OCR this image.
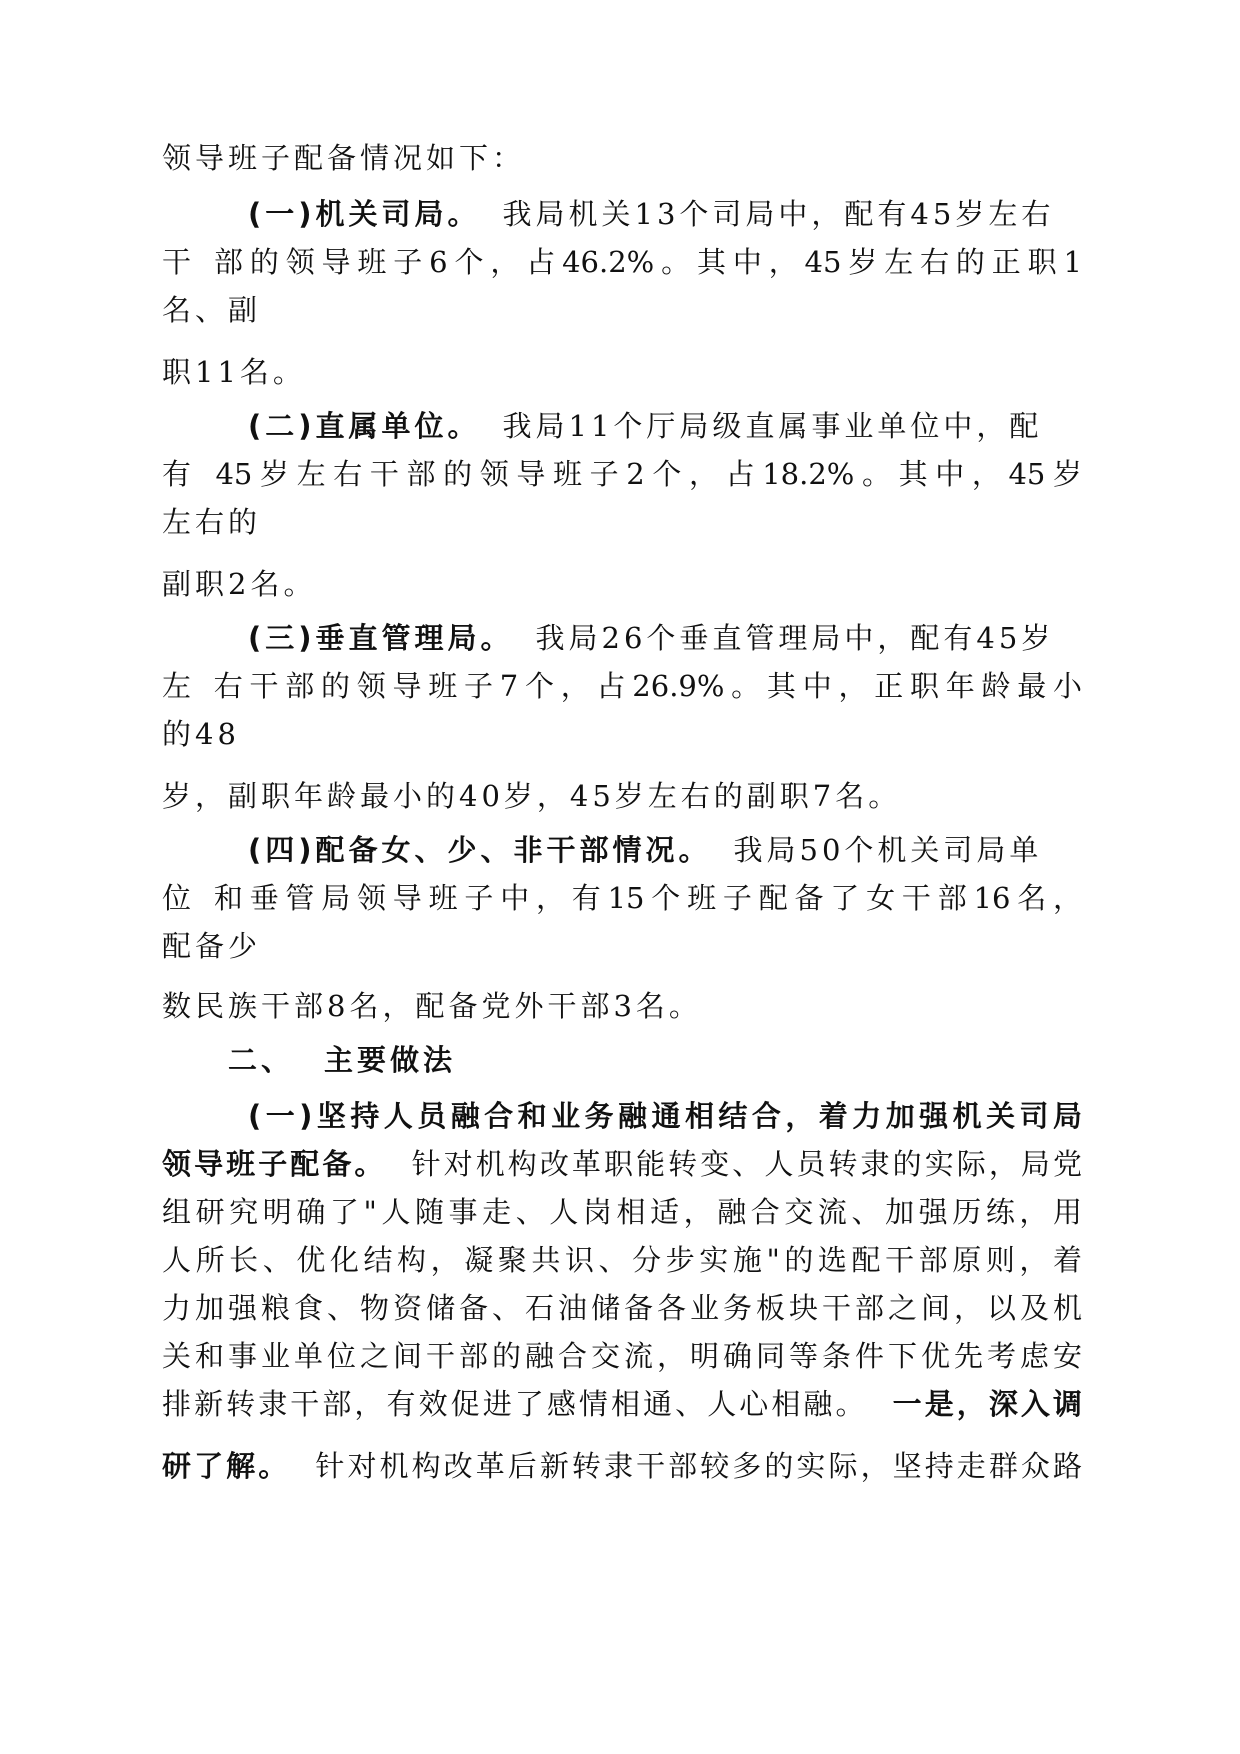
领导班子配备情况如下：
(一)机关司局。 我局机关13个司局中，配有45岁左右
干 部的领导班子6个，占46.2%。其中，45岁左右的正职1
名、副
职11名。
(二)直属单位。 我局11个厅局级直属事业单位中，配
有 45岁左右干部的领导班子2个，占18.2%。其中，45岁
左右的
副职2名。
(三)垂直管理局。 我局26个垂直管理局中，配有45岁
左 右干部的领导班子7个，占26.9%。其中，正职年龄最小
的48
岁，副职年龄最小的40岁，45岁左右的副职7名。
(四)配备女、少、非干部情况。 我局50个机关司局单
位 和垂管局领导班子中，有15个班子配备了女干部16名，
配备少
数民族干部8名，配备党外干部3名。
二、 主要做法
(一)坚持人员融合和业务融通相结合，着力加强机关司局
领导班子配备。 针对机构改革职能转变、人员转隶的实际，局党
组研究明确了"人随事走、人岗相适，融合交流、加强历练，用
人所长、优化结构，凝聚共识、分步实施"的选配干部原则，着
力加强粮食、物资储备、石油储备各业务板块干部之间，以及机
关和事业单位之间干部的融合交流，明确同等条件下优先考虑安
排新转隶干部，有效促进了感情相通、人心相融。 一是，深入调
研了解。 针对机构改革后新转隶干部较多的实际，坚持走群众路
